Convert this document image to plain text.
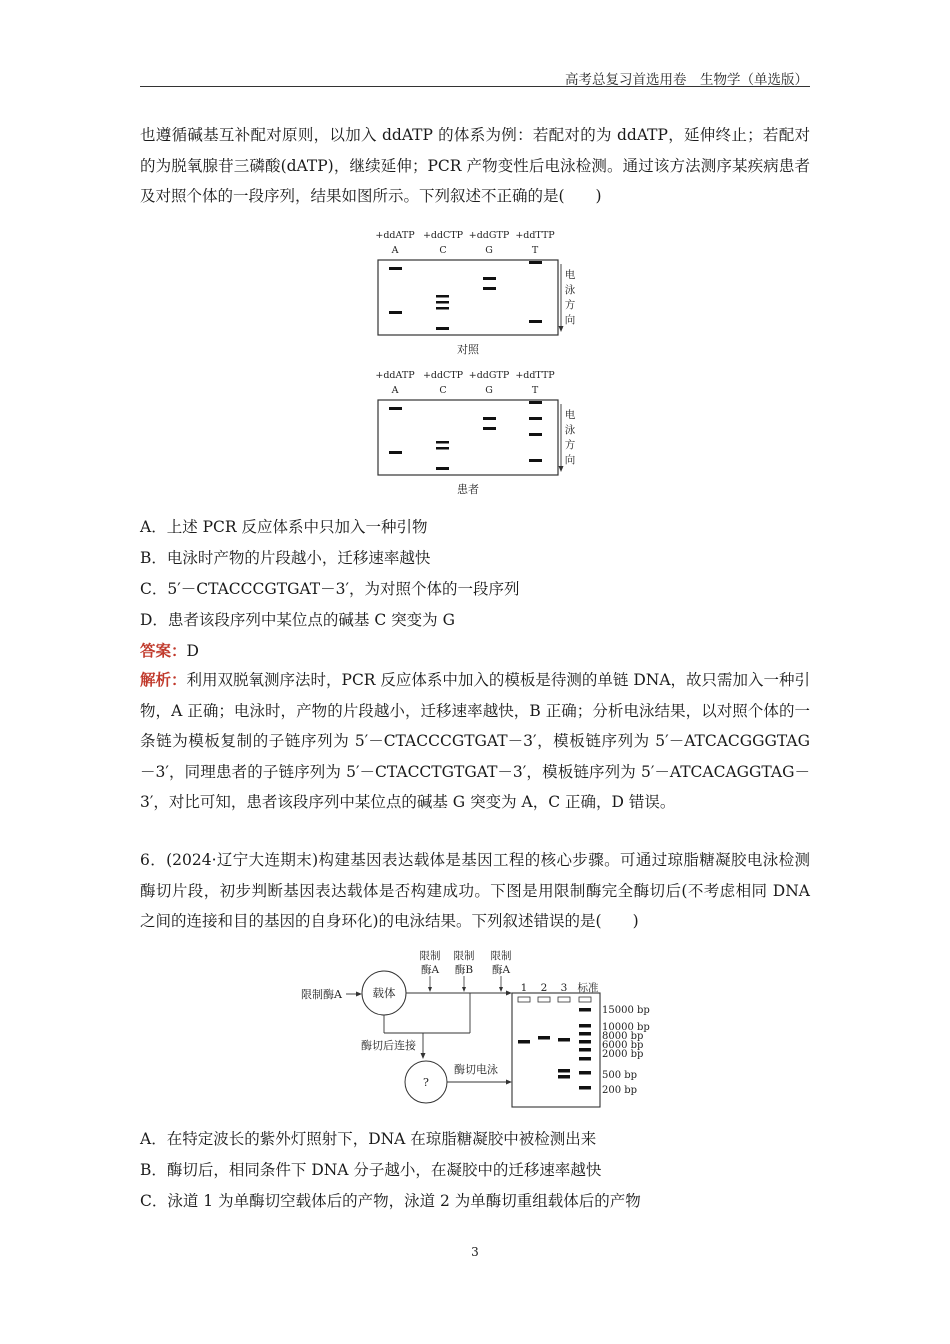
高考总复习首选用卷　生物学（单选版）

也遵循碱基互补配对原则，以加入 ddATP 的体系为例：若配对的为 ddATP，延伸终止；若配对的为脱氧腺苷三磷酸(dATP)，继续延伸；PCR 产物变性后电泳检测。通过该方法测序某疾病患者及对照个体的一段序列，结果如图所示。下列叙述不正确的是(　　)

+ddATP +ddCTP +ddGTP +ddTTP
A	C	G	T
电
泳
方
向
对照
+ddATP +ddCTP +ddGTP +ddTTP
A	C	G	T
电
泳
方
向
患者

A．上述 PCR 反应体系中只加入一种引物

B．电泳时产物的片段越小，迁移速率越快

C．5′－CTACCCGTGAT－3′，为对照个体的一段序列

D．患者该段序列中某位点的碱基 C 突变为 G

答案：D

解析：利用双脱氧测序法时，PCR 反应体系中加入的模板是待测的单链 DNA，故只需加入一种引物，A 正确；电泳时，产物的片段越小，迁移速率越快，B 正确；分析电泳结果，以对照个体的一条链为模板复制的子链序列为 5′－CTACCCGTGAT－3′，模板链序列为 5′－ATCACGGGTAG－3′，同理患者的子链序列为 5′－CTACCTGTGAT－3′，模板链序列为 5′－ATCACAGGTAG－3′，对比可知，患者该段序列中某位点的碱基 G 突变为 A，C 正确，D 错误。

6．(2024·辽宁大连期末)构建基因表达载体是基因工程的核心步骤。可通过琼脂糖凝胶电泳检测酶切片段，初步判断基因表达载体是否构建成功。下图是用限制酶完全酶切后(不考虑相同 DNA 之间的连接和目的基因的自身环化)的电泳结果。下列叙述错误的是(　　)

限制酶A	载体
限制
酶A
限制
酶B
限制
酶A
酶切后连接
?
酶切电泳
1 2 3 标准
15000 bp
10000 bp
8000 bp
6000 bp
2000 bp
500 bp
200 bp

A．在特定波长的紫外灯照射下，DNA 在琼脂糖凝胶中被检测出来

B．酶切后，相同条件下 DNA 分子越小，在凝胶中的迁移速率越快

C．泳道 1 为单酶切空载体后的产物，泳道 2 为单酶切重组载体后的产物

3
